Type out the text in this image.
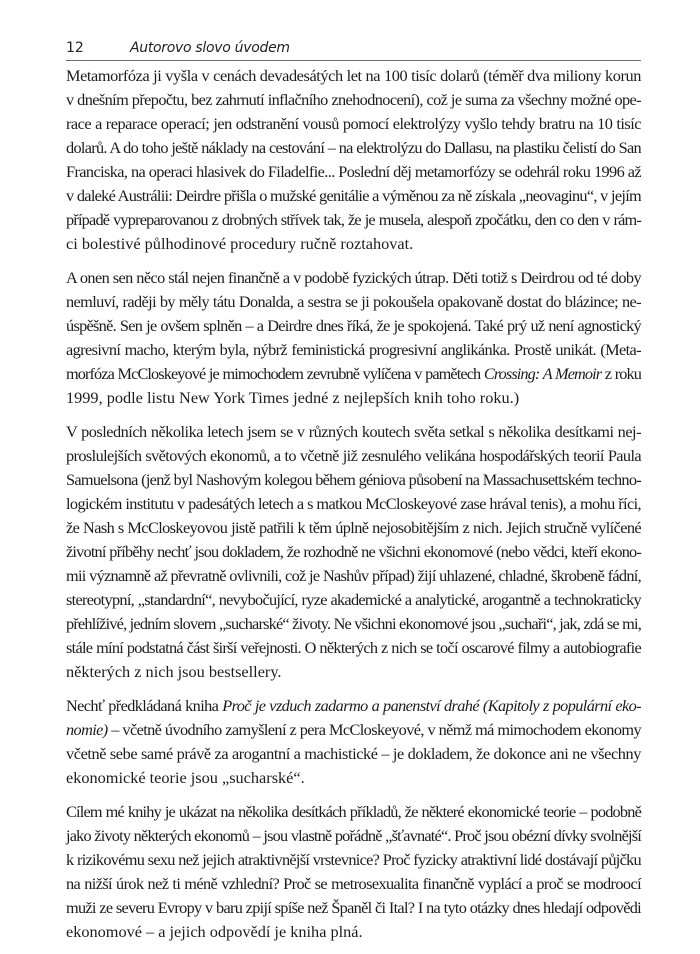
12	Autorovo slovo úvodem

Metamorfóza ji vyšla v cenách devadesátých let na 100 tisíc dolarů (téměř dva miliony korun
v dnešním přepočtu, bez zahrnutí inflačního znehodnocení), což je suma za všechny možné ope-
race a reparace operací; jen odstranění vousů pomocí elektrolýzy vyšlo tehdy bratru na 10 tisíc
dolarů. A do toho ještě náklady na cestování – na elektrolýzu do Dallasu, na plastiku čelistí do San
Franciska, na operaci hlasivek do Filadelfie... Poslední děj metamorfózy se odehrál roku 1996 až
v daleké Austrálii: Deirdre přišla o mužské genitálie a výměnou za ně získala „neovaginu“, v jejím
případě vypreparovanou z drobných střívek tak, že je musela, alespoň zpočátku, den co den v rám-
ci bolestivé půlhodinové procedury ručně roztahovat.

A onen sen něco stál nejen finančně a v podobě fyzických útrap. Děti totiž s Deirdrou od té doby
nemluví, raději by měly tátu Donalda, a sestra se ji pokoušela opakovaně dostat do blázince; ne-
úspěšně. Sen je ovšem splněn – a Deirdre dnes říká, že je spokojená. Také prý už není agnostický
agresivní macho, kterým byla, nýbrž feministická progresivní anglikánka. Prostě unikát. (Meta-
morfóza McCloskeyové je mimochodem zevrubně vylíčena v pamětech Crossing: A Memoir z roku
1999, podle listu New York Times jedné z nejlepších knih toho roku.)

V posledních několika letech jsem se v různých koutech světa setkal s několika desítkami nej-
proslulejších světových ekonomů, a to včetně již zesnulého velikána hospodářských teorií Paula
Samuelsona (jenž byl Nashovým kolegou během géniova působení na Massachusettském techno-
logickém institutu v padesátých letech a s matkou McCloskeyové zase hrával tenis), a mohu říci,
že Nash s McCloskeyovou jistě patřili k těm úplně nejosobitějším z nich. Jejich stručně vylíčené
životní příběhy nechť jsou dokladem, že rozhodně ne všichni ekonomové (nebo vědci, kteří ekono-
mii významně až převratně ovlivnili, což je Nashův případ) žijí uhlazené, chladné, škrobeně fádní,
stereotypní, „standardní“, nevybočující, ryze akademické a analytické, arogantně a technokraticky
přehlíživé, jedním slovem „sucharské“ životy. Ne všichni ekonomové jsou „suchaři“, jak, zdá se mi,
stále míní podstatná část širší veřejnosti. O některých z nich se točí oscarové filmy a autobiografie
některých z nich jsou bestsellery.

Nechť předkládaná kniha Proč je vzduch zadarmo a panenství drahé (Kapitoly z populární eko-
nomie) – včetně úvodního zamyšlení z pera McCloskeyové, v němž má mimochodem ekonomy
včetně sebe samé právě za arogantní a machistické – je dokladem, že dokonce ani ne všechny
ekonomické teorie jsou „sucharské“.

Cílem mé knihy je ukázat na několika desítkách příkladů, že některé ekonomické teorie – podobně
jako životy některých ekonomů – jsou vlastně pořádně „šťavnaté“. Proč jsou obézní dívky svolnější
k rizikovému sexu než jejich atraktivnější vrstevnice? Proč fyzicky atraktivní lidé dostávají půjčku
na nižší úrok než ti méně vzhlední? Proč se metrosexualita finančně vyplácí a proč se modroocí
muži ze severu Evropy v baru zpijí spíše než Španěl či Ital? I na tyto otázky dnes hledají odpovědi
ekonomové – a jejich odpovědí je kniha plná.
